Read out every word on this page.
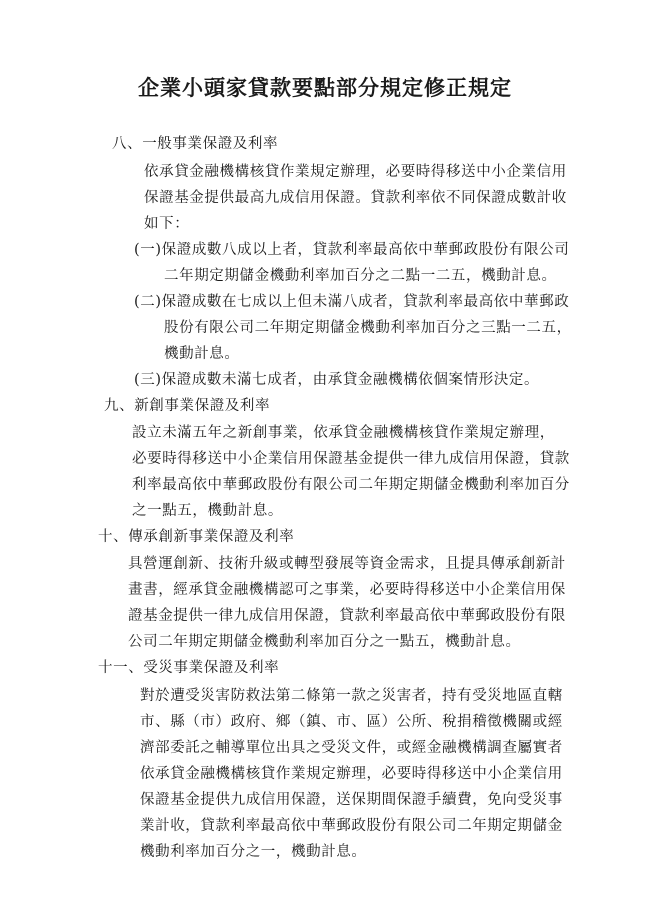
企業小頭家貸款要點部分規定修正規定
八、一般事業保證及利率
依承貸金融機構核貸作業規定辦理，必要時得移送中小企業信用
保證基金提供最高九成信用保證。貸款利率依不同保證成數計收
如下：
(一)保證成數八成以上者，貸款利率最高依中華郵政股份有限公司
二年期定期儲金機動利率加百分之二點一二五，機動計息。
(二)保證成數在七成以上但未滿八成者，貸款利率最高依中華郵政
股份有限公司二年期定期儲金機動利率加百分之三點一二五，
機動計息。
(三)保證成數未滿七成者，由承貸金融機構依個案情形決定。
九、新創事業保證及利率
設立未滿五年之新創事業，依承貸金融機構核貸作業規定辦理，
必要時得移送中小企業信用保證基金提供一律九成信用保證，貸款
利率最高依中華郵政股份有限公司二年期定期儲金機動利率加百分
之一點五，機動計息。
十、傳承創新事業保證及利率
具營運創新、技術升級或轉型發展等資金需求，且提具傳承創新計
畫書，經承貸金融機構認可之事業，必要時得移送中小企業信用保
證基金提供一律九成信用保證，貸款利率最高依中華郵政股份有限
公司二年期定期儲金機動利率加百分之一點五，機動計息。
十一、受災事業保證及利率
對於遭受災害防救法第二條第一款之災害者，持有受災地區直轄
市、縣（市）政府、鄉（鎮、市、區）公所、稅捐稽徵機關或經
濟部委託之輔導單位出具之受災文件，或經金融機構調查屬實者
依承貸金融機構核貸作業規定辦理，必要時得移送中小企業信用
保證基金提供九成信用保證，送保期間保證手續費，免向受災事
業計收，貸款利率最高依中華郵政股份有限公司二年期定期儲金
機動利率加百分之一，機動計息。
